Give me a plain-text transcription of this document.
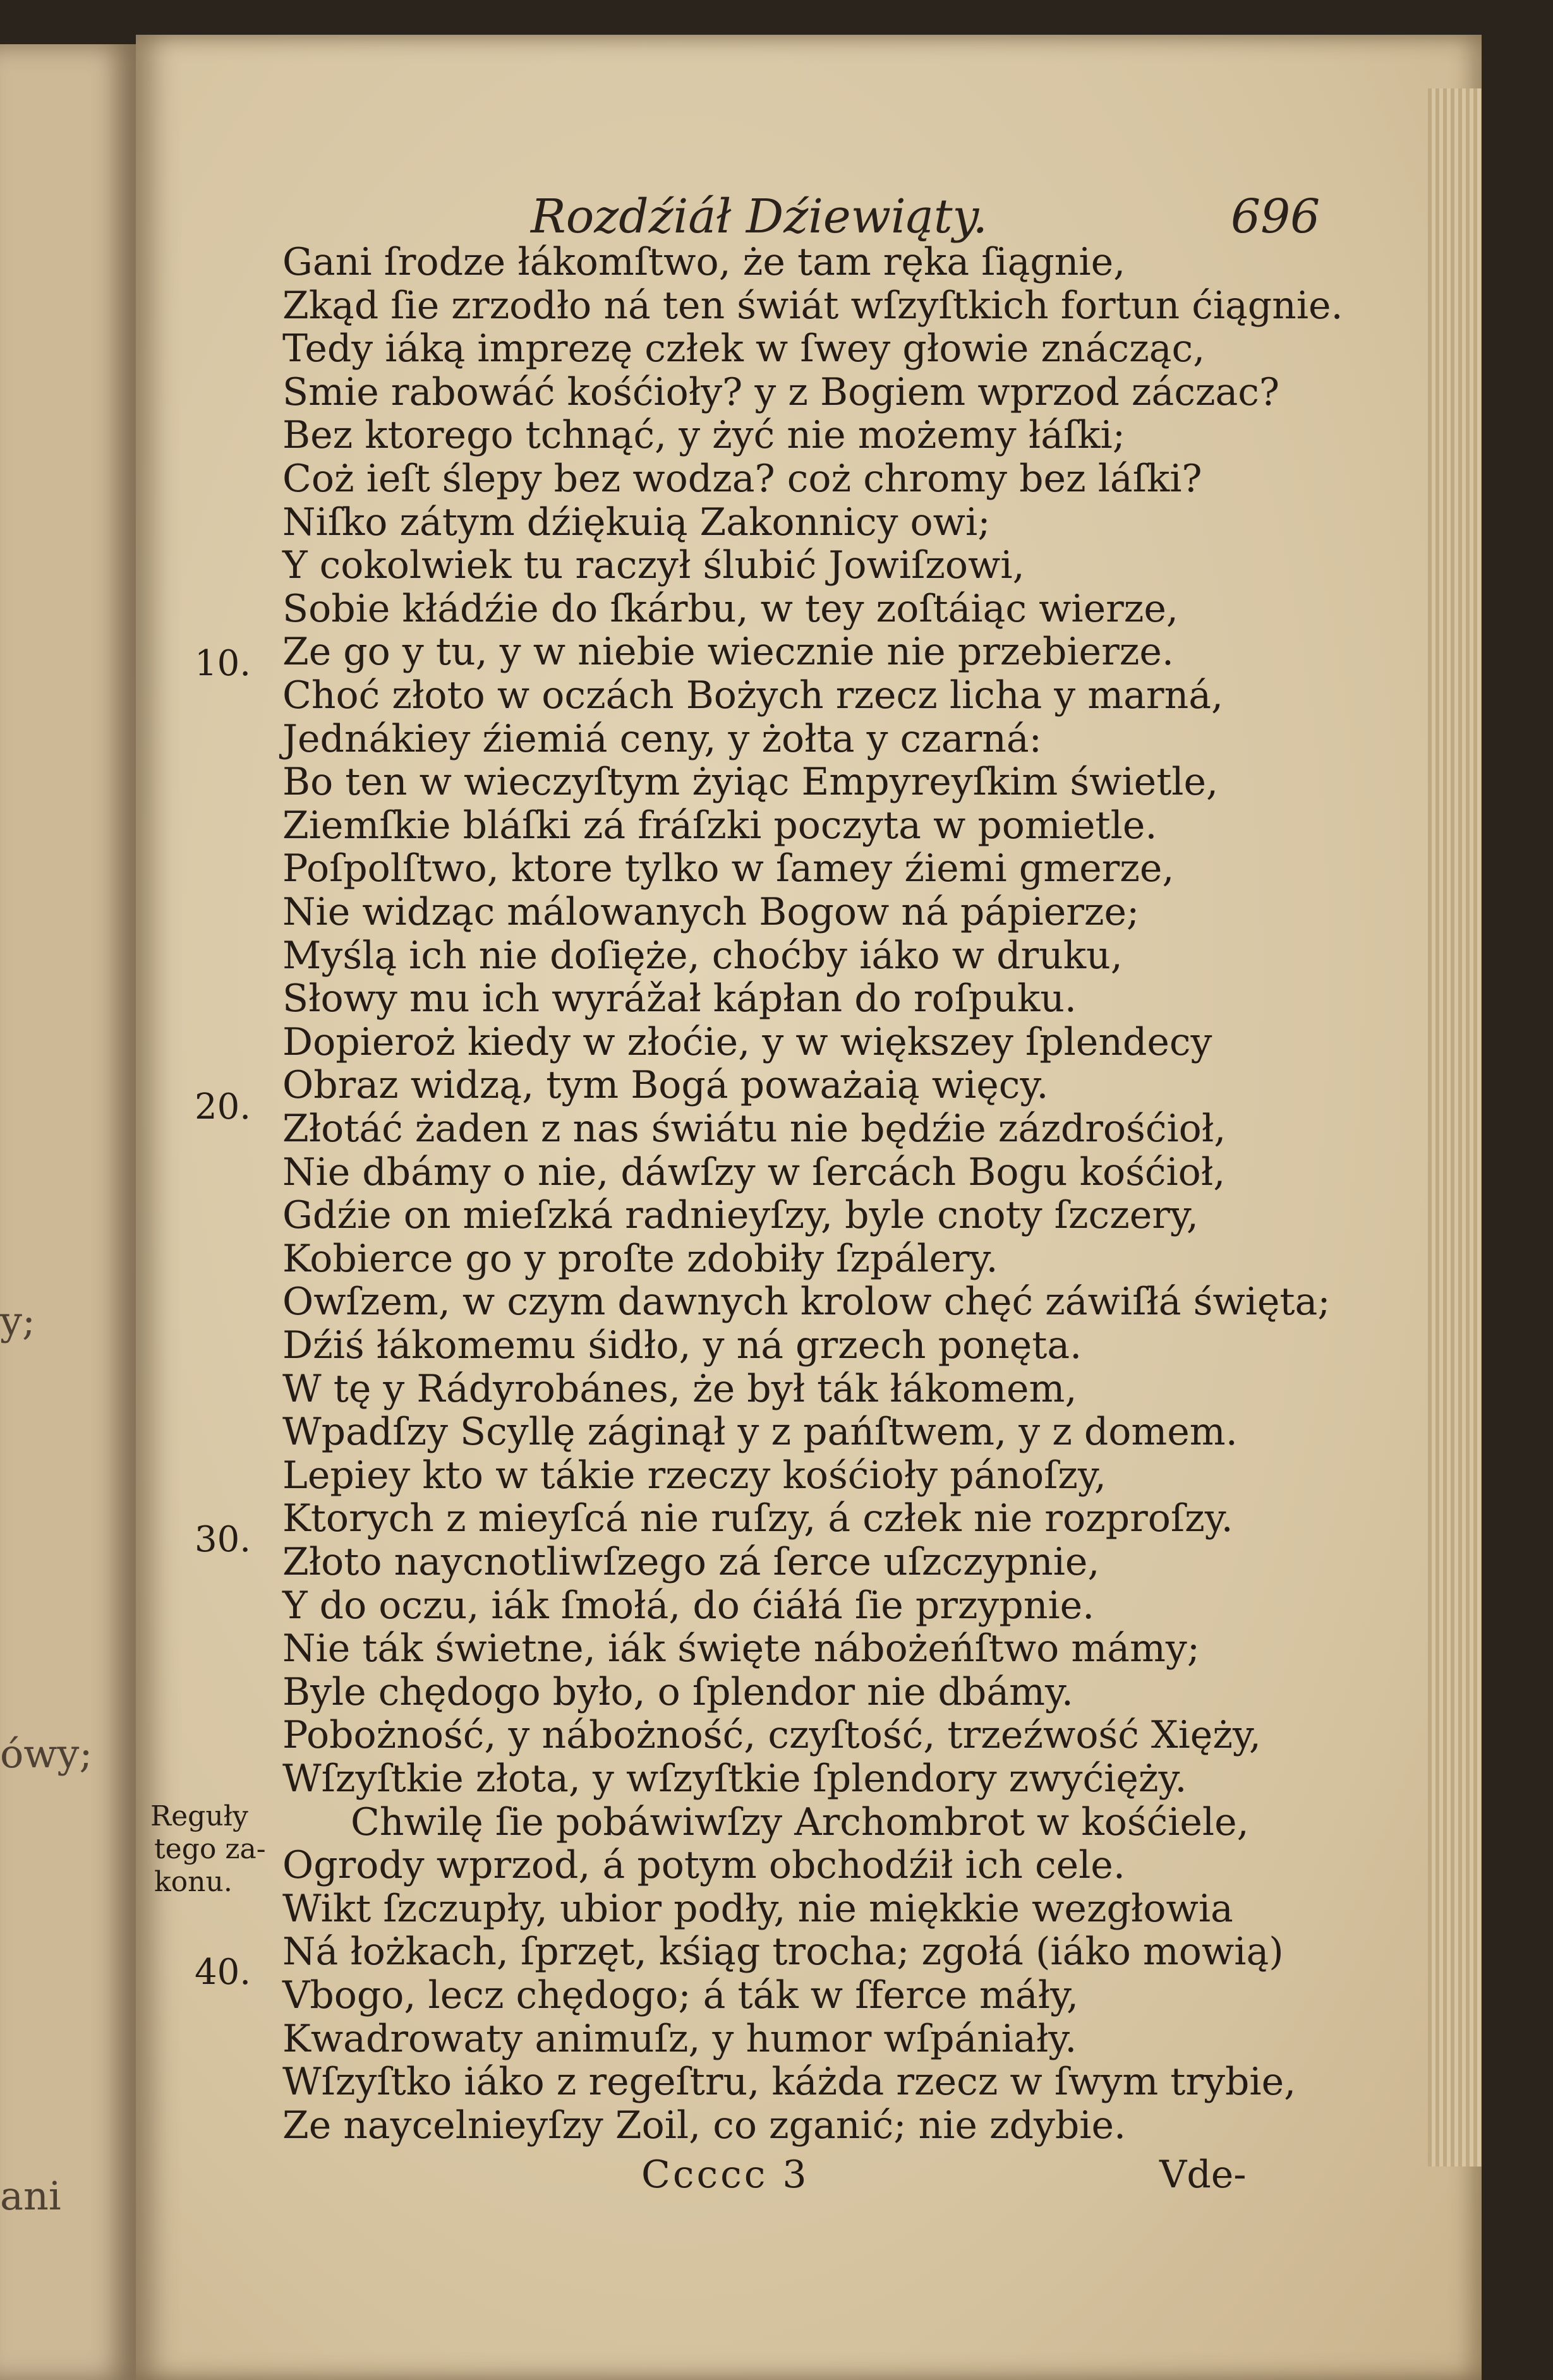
y;
ówy;
ani
Rozdźiáł Dźiewiąty.	696
10.
20.
30.
40.
Reguły
tego za-
konu.
Gani ſrodze łákomſtwo, że tam ręka ſiągnie,
Zkąd ſie zrzodło ná ten świát wſzyſtkich fortun ćiągnie.
Tedy iáką imprezę człek w ſwey głowie znácząc,
Smie rabowáć kośćioły? y z Bogiem wprzod záczac?
Bez ktorego tchnąć, y żyć nie możemy łáſki;
Coż ieſt ślepy bez wodza? coż chromy bez láſki?
Niſko zátym dźiękuią Zakonnicy owi;
Y cokolwiek tu raczył ślubić Jowiſzowi,
Sobie kłádźie do ſkárbu, w tey zoſtáiąc wierze,
Ze go y tu, y w niebie wiecznie nie przebierze.
Choć złoto w oczách Bożych rzecz licha y marná,
Jednákiey źiemiá ceny, y żołta y czarná:
Bo ten w wieczyſtym żyiąc Empyreyſkim świetle,
Ziemſkie bláſki zá fráſzki poczyta w pomietle.
Poſpolſtwo, ktore tylko w ſamey źiemi gmerze,
Nie widząc málowanych Bogow ná pápierze;
Myślą ich nie doſięże, choćby iáko w druku,
Słowy mu ich wyrážał kápłan do roſpuku.
Dopieroż kiedy w złoćie, y w większey ſplendecy
Obraz widzą, tym Bogá poważaią więcy.
Złotáć żaden z nas świátu nie będźie zázdrośćioł,
Nie dbámy o nie, dáwſzy w ſercách Bogu kośćioł,
Gdźie on mieſzká radnieyſzy, byle cnoty ſzczery,
Kobierce go y proſte zdobiły ſzpálery.
Owſzem, w czym dawnych krolow chęć záwiſłá święta;
Dźiś łákomemu śidło, y ná grzech ponęta.
W tę y Rádyrobánes, że był ták łákomem,
Wpadſzy Scyllę záginął y z pańſtwem, y z domem.
Lepiey kto w tákie rzeczy kośćioły pánoſzy,
Ktorych z mieyſcá nie ruſzy, á człek nie rozproſzy.
Złoto naycnotliwſzego zá ſerce uſzczypnie,
Y do oczu, iák ſmołá, do ćiáłá ſie przypnie.
Nie ták świetne, iák święte nábożeńſtwo mámy;
Byle chędogo było, o ſplendor nie dbámy.
Pobożność, y nábożność, czyſtość, trzeźwość Xięży,
Wſzyſtkie złota, y wſzyſtkie ſplendory zwyćięży.
Chwilę ſie pobáwiwſzy Archombrot w kośćiele,
Ogrody wprzod, á potym obchodźił ich cele.
Wikt ſzczupły, ubior podły, nie miękkie wezgłowia
Ná łożkach, ſprzęt, kśiąg trocha; zgołá (iáko mowią)
Vbogo, lecz chędogo; á ták w ſferce máły,
Kwadrowaty animuſz, y humor wſpániały.
Wſzyſtko iáko z regeſtru, káżda rzecz w ſwym trybie,
Ze naycelnieyſzy Zoil, co zganić; nie zdybie.
Ccccc 3	Vde-
